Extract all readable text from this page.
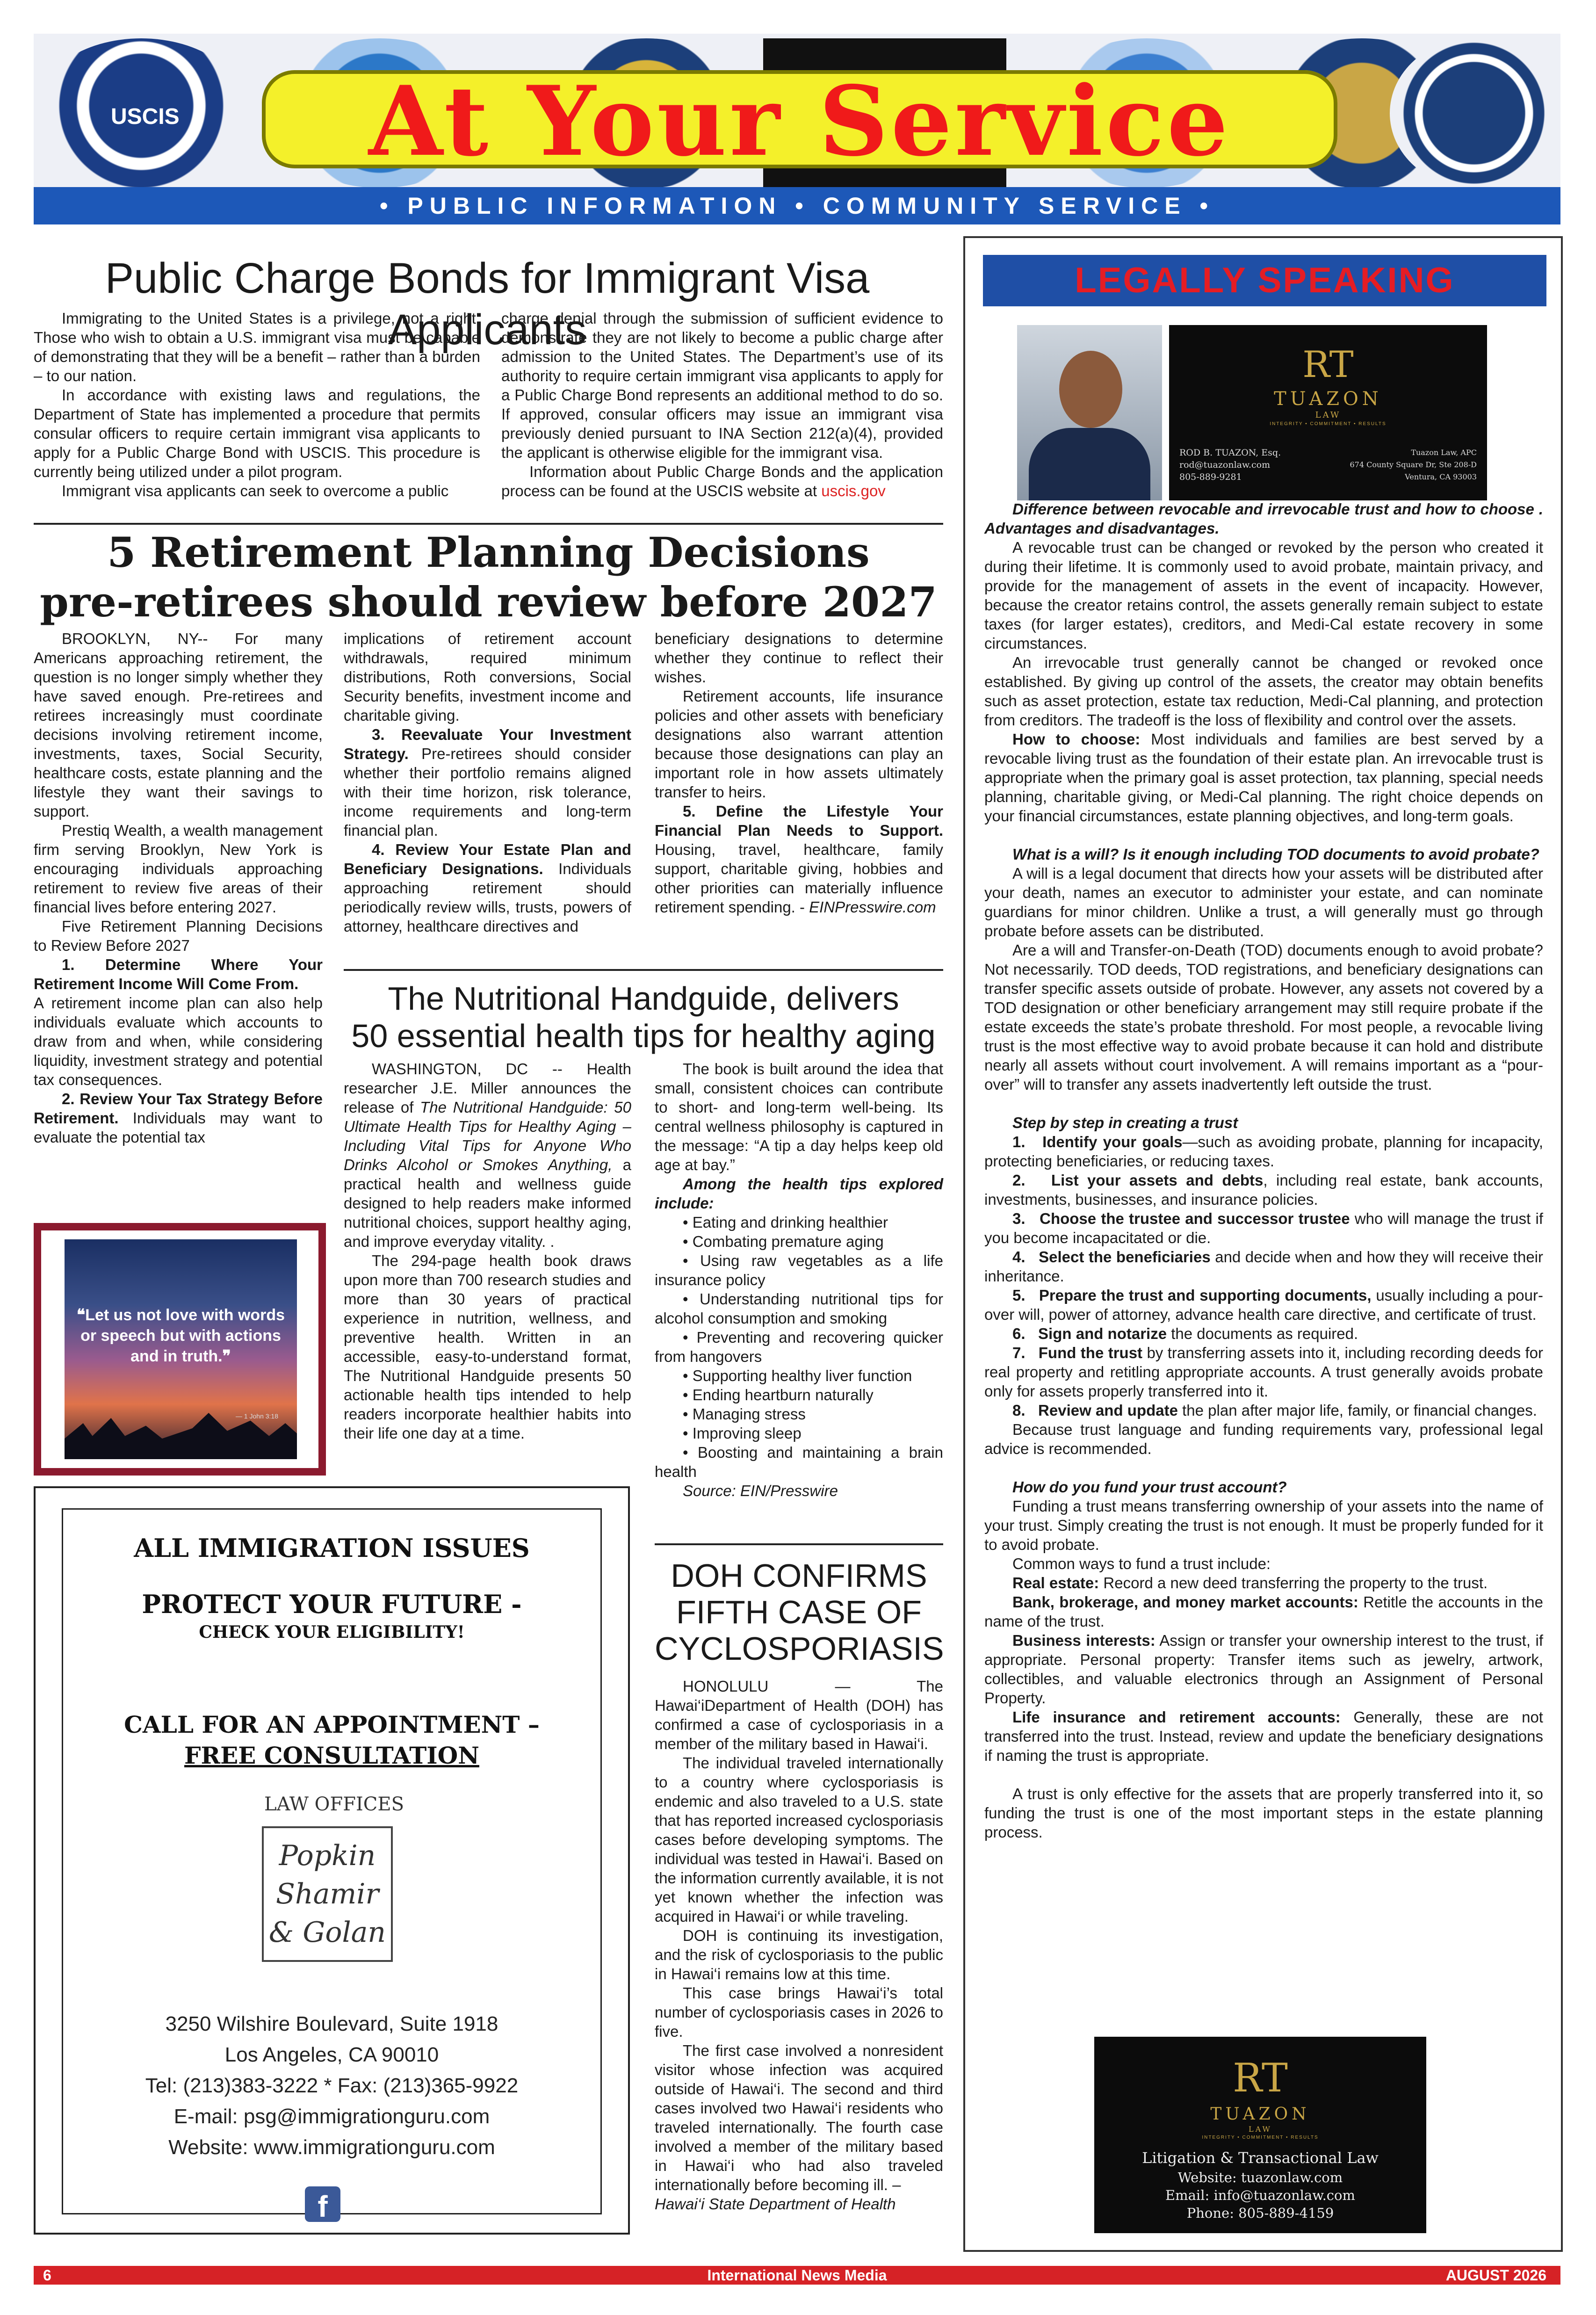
USCIS	At Your Service
• PUBLIC INFORMATION • COMMUNITY SERVICE •
Public Charge Bonds for Immigrant Visa Applicants

Immigrating to the United States is a privilege, not a right. Those who wish to obtain a U.S. immigrant visa must be capable of demonstrating that they will be a benefit – rather than a burden – to our nation.

In accordance with existing laws and regulations, the Department of State has implemented a procedure that permits consular officers to require certain immigrant visa applicants to apply for a Public Charge Bond with USCIS. This procedure is currently being utilized under a pilot program.

Immigrant visa applicants can seek to overcome a public

charge denial through the submission of sufficient evidence to demonstrate they are not likely to become a public charge after admission to the United States. The Department’s use of its authority to require certain immigrant visa applicants to apply for a Public Charge Bond represents an additional method to do so. If approved, consular officers may issue an immigrant visa previously denied pursuant to INA Section 212(a)(4), provided the applicant is otherwise eligible for the immigrant visa.

Information about Public Charge Bonds and the application process can be found at the USCIS website at uscis.gov

5 Retirement Planning Decisions
pre-retirees should review before 2027

BROOKLYN, NY-- For many Americans approaching retirement, the question is no longer simply whether they have saved enough. Pre-retirees and retirees increasingly must coordinate decisions involving retirement income, investments, taxes, Social Security, healthcare costs, estate planning and the lifestyle they want their savings to support.

Prestiq Wealth, a wealth management firm serving Brooklyn, New York is encouraging individuals approaching retirement to review five areas of their financial lives before entering 2027.

Five Retirement Planning Decisions to Review Before 2027

1. Determine Where Your Retirement Income Will Come From.

A retirement income plan can also help individuals evaluate which accounts to draw from and when, while considering liquidity, investment strategy and potential tax consequences.

2. Review Your Tax Strategy Before Retirement. Individuals may want to evaluate the potential tax

implications of retirement account withdrawals, required minimum distributions, Roth conversions, Social Security benefits, investment income and charitable giving.

3. Reevaluate Your Investment Strategy. Pre-retirees should consider whether their portfolio remains aligned with their time horizon, risk tolerance, income requirements and long-term financial plan.

4. Review Your Estate Plan and Beneficiary Designations. Individuals approaching retirement should periodically review wills, trusts, powers of attorney, healthcare directives and

beneficiary designations to determine whether they continue to reflect their wishes.

Retirement accounts, life insurance policies and other assets with beneficiary designations also warrant attention because those designations can play an important role in how assets ultimately transfer to heirs.

5. Define the Lifestyle Your Financial Plan Needs to Support. Housing, travel, healthcare, family support, charitable giving, hobbies and other priorities can materially influence retirement spending. - EINPresswire.com

❝Let us not love with words or speech but with actions and in truth.❞
— 1 John 3:18
The Nutritional Handguide, delivers
50 essential health tips for healthy aging

WASHINGTON, DC -- Health researcher J.E. Miller announces the release of The Nutritional Handguide: 50 Ultimate Health Tips for Healthy Aging – Including Vital Tips for Anyone Who Drinks Alcohol or Smokes Anything, a practical health and wellness guide designed to help readers make informed nutritional choices, support healthy aging, and improve everyday vitality. .

The 294-page health book draws upon more than 700 research studies and more than 30 years of practical experience in nutrition, wellness, and preventive health. Written in an accessible, easy-to-understand format, The Nutritional Handguide presents 50 actionable health tips intended to help readers incorporate healthier habits into their life one day at a time.

The book is built around the idea that small, consistent choices can contribute to short- and long-term well-being. Its central wellness philosophy is captured in the message: “A tip a day helps keep old age at bay.”

Among the health tips explored include:

• Eating and drinking healthier

• Combating premature aging

• Using raw vegetables as a life insurance policy

• Understanding nutritional tips for alcohol consumption and smoking

• Preventing and recovering quicker from hangovers

• Supporting healthy liver function

• Ending heartburn naturally

• Managing stress

• Improving sleep

• Boosting and maintaining a brain health

Source: EIN/Presswire

DOH CONFIRMS
FIFTH CASE OF
CYCLOSPORIASIS

HONOLULU — The Hawai‘iDepartment of Health (DOH) has confirmed a case of cyclosporiasis in a member of the military based in Hawai‘i.

The individual traveled internationally to a country where cyclosporiasis is endemic and also traveled to a U.S. state that has reported increased cyclosporiasis cases before developing symptoms. The individual was tested in Hawai‘i. Based on the information currently available, it is not yet known whether the infection was acquired in Hawai‘i or while traveling.

DOH is continuing its investigation, and the risk of cyclosporiasis to the public in Hawai‘i remains low at this time.

This case brings Hawai‘i’s total number of cyclosporiasis cases in 2026 to five.

The first case involved a nonresident visitor whose infection was acquired outside of Hawai‘i. The second and third cases involved two Hawai‘i residents who traveled internationally. The fourth case involved a member of the military based in Hawai‘i who had also traveled internationally before becoming ill. –

Hawai‘i State Department of Health

ALL IMMIGRATION ISSUES
PROTECT YOUR FUTURE -
CHECK YOUR ELIGIBILITY!
CALL FOR AN APPOINTMENT –
FREE CONSULTATION
LAW OFFICES
Popkin
Shamir
& Golan
3250 Wilshire Boulevard, Suite 1918
Los Angeles, CA 90010
Tel: (213)383-3222 * Fax: (213)365-9922
E-mail: psg@immigrationguru.com
Website: www.immigrationguru.com
f
LEGALLY SPEAKING
RT
TUAZON
LAW
INTEGRITY • COMMITMENT • RESULTS
ROD B. TUAZON, Esq.
rod@tuazonlaw.com
805-889-9281
Tuazon Law, APC
674 County Square Dr, Ste 208-D
Ventura, CA 93003

Difference between revocable and irrevocable trust and how to choose . Advantages and disadvantages.

A revocable trust can be changed or revoked by the person who created it during their lifetime. It is commonly used to avoid probate, maintain privacy, and provide for the management of assets in the event of incapacity. However, because the creator retains control, the assets generally remain subject to estate taxes (for larger estates), creditors, and Medi-Cal estate recovery in some circumstances.

An irrevocable trust generally cannot be changed or revoked once established. By giving up control of the assets, the creator may obtain benefits such as asset protection, estate tax reduction, Medi-Cal planning, and protection from creditors. The tradeoff is the loss of flexibility and control over the assets.

How to choose: Most individuals and families are best served by a revocable living trust as the foundation of their estate plan. An irrevocable trust is appropriate when the primary goal is asset protection, tax planning, special needs planning, charitable giving, or Medi-Cal planning. The right choice depends on your financial circumstances, estate planning objectives, and long-term goals.

What is a will? Is it enough including TOD documents to avoid probate?

A will is a legal document that directs how your assets will be distributed after your death, names an executor to administer your estate, and can nominate guardians for minor children. Unlike a trust, a will generally must go through probate before assets can be distributed.

Are a will and Transfer-on-Death (TOD) documents enough to avoid probate? Not necessarily. TOD deeds, TOD registrations, and beneficiary designations can transfer specific assets outside of probate. However, any assets not covered by a TOD designation or other beneficiary arrangement may still require probate if the estate exceeds the state’s probate threshold. For most people, a revocable living trust is the most effective way to avoid probate because it can hold and distribute nearly all assets without court involvement. A will remains important as a “pour-over” will to transfer any assets inadvertently left outside the trust.

Step by step in creating a trust

1. Identify your goals—such as avoiding probate, planning for incapacity, protecting beneficiaries, or reducing taxes.

2. List your assets and debts, including real estate, bank accounts, investments, businesses, and insurance policies.

3. Choose the trustee and successor trustee who will manage the trust if you become incapacitated or die.

4. Select the beneficiaries and decide when and how they will receive their inheritance.

5. Prepare the trust and supporting documents, usually including a pour-over will, power of attorney, advance health care directive, and certificate of trust.

6. Sign and notarize the documents as required.

7. Fund the trust by transferring assets into it, including recording deeds for real property and retitling appropriate accounts. A trust generally avoids probate only for assets properly transferred into it.

8. Review and update the plan after major life, family, or financial changes.

Because trust language and funding requirements vary, professional legal advice is recommended.

How do you fund your trust account?

Funding a trust means transferring ownership of your assets into the name of your trust. Simply creating the trust is not enough. It must be properly funded for it to avoid probate.

Common ways to fund a trust include:

Real estate: Record a new deed transferring the property to the trust.

Bank, brokerage, and money market accounts: Retitle the accounts in the name of the trust.

Business interests: Assign or transfer your ownership interest to the trust, if appropriate. Personal property: Transfer items such as jewelry, artwork, collectibles, and valuable electronics through an Assignment of Personal Property.

Life insurance and retirement accounts: Generally, these are not transferred into the trust. Instead, review and update the beneficiary designations if naming the trust is appropriate.

A trust is only effective for the assets that are properly transferred into it, so funding the trust is one of the most important steps in the estate planning process.

RT
TUAZON
LAW
INTEGRITY • COMMITMENT • RESULTS
Litigation & Transactional Law
Website: tuazonlaw.com
Email: info@tuazonlaw.com
Phone: 805-889-4159
6	International News Media	AUGUST 2026
